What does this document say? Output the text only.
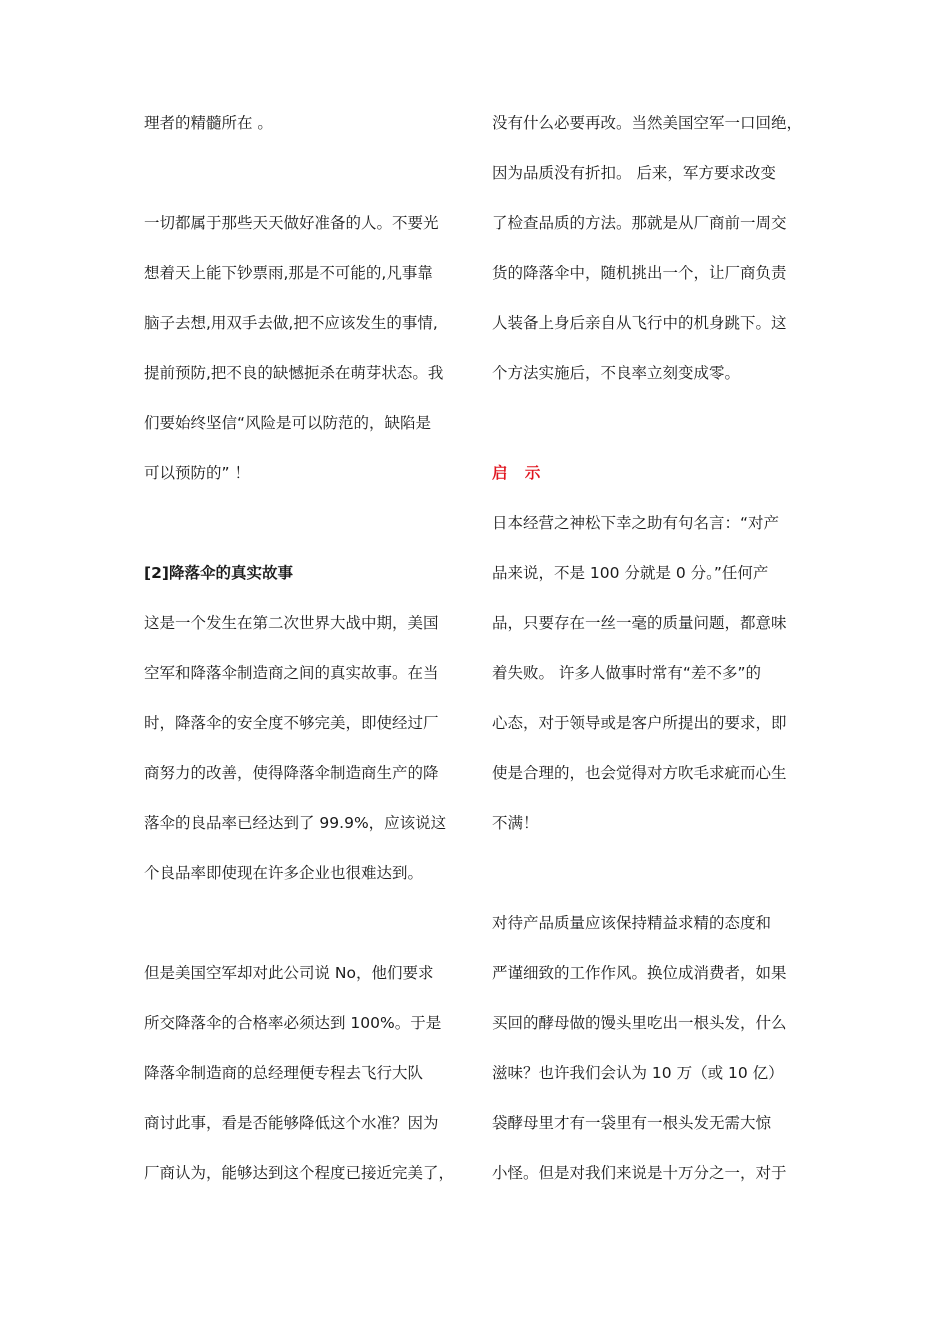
理者的精髓所在 。
一切都属于那些天天做好准备的人。不要光
想着天上能下钞票雨,那是不可能的,凡事靠
脑子去想,用双手去做,把不应该发生的事情,
提前预防,把不良的缺憾扼杀在萌芽状态。我
们要始终坚信“风险是可以防范的，缺陷是
可以预防的” ！
[2]降落伞的真实故事
这是一个发生在第二次世界大战中期，美国
空军和降落伞制造商之间的真实故事。在当
时，降落伞的安全度不够完美，即使经过厂
商努力的改善，使得降落伞制造商生产的降
落伞的良品率已经达到了 99.9%，应该说这
个良品率即使现在许多企业也很难达到。
但是美国空军却对此公司说 No，他们要求
所交降落伞的合格率必须达到 100%。于是
降落伞制造商的总经理便专程去飞行大队
商讨此事，看是否能够降低这个水准？因为
厂商认为，能够达到这个程度已接近完美了，
没有什么必要再改。当然美国空军一口回绝，
因为品质没有折扣。 后来，军方要求改变
了检查品质的方法。那就是从厂商前一周交
货的降落伞中，随机挑出一个，让厂商负责
人装备上身后亲自从飞行中的机身跳下。这
个方法实施后，不良率立刻变成零。
启 示
日本经营之神松下幸之助有句名言：“对产
品来说，不是 100 分就是 0 分。”任何产
品，只要存在一丝一毫的质量问题，都意味
着失败。 许多人做事时常有“差不多”的
心态，对于领导或是客户所提出的要求，即
使是合理的，也会觉得对方吹毛求疵而心生
不满！
对待产品质量应该保持精益求精的态度和
严谨细致的工作作风。换位成消费者，如果
买回的酵母做的馒头里吃出一根头发，什么
滋味？也许我们会认为 10 万（或 10 亿）
袋酵母里才有一袋里有一根头发无需大惊
小怪。但是对我们来说是十万分之一，对于
